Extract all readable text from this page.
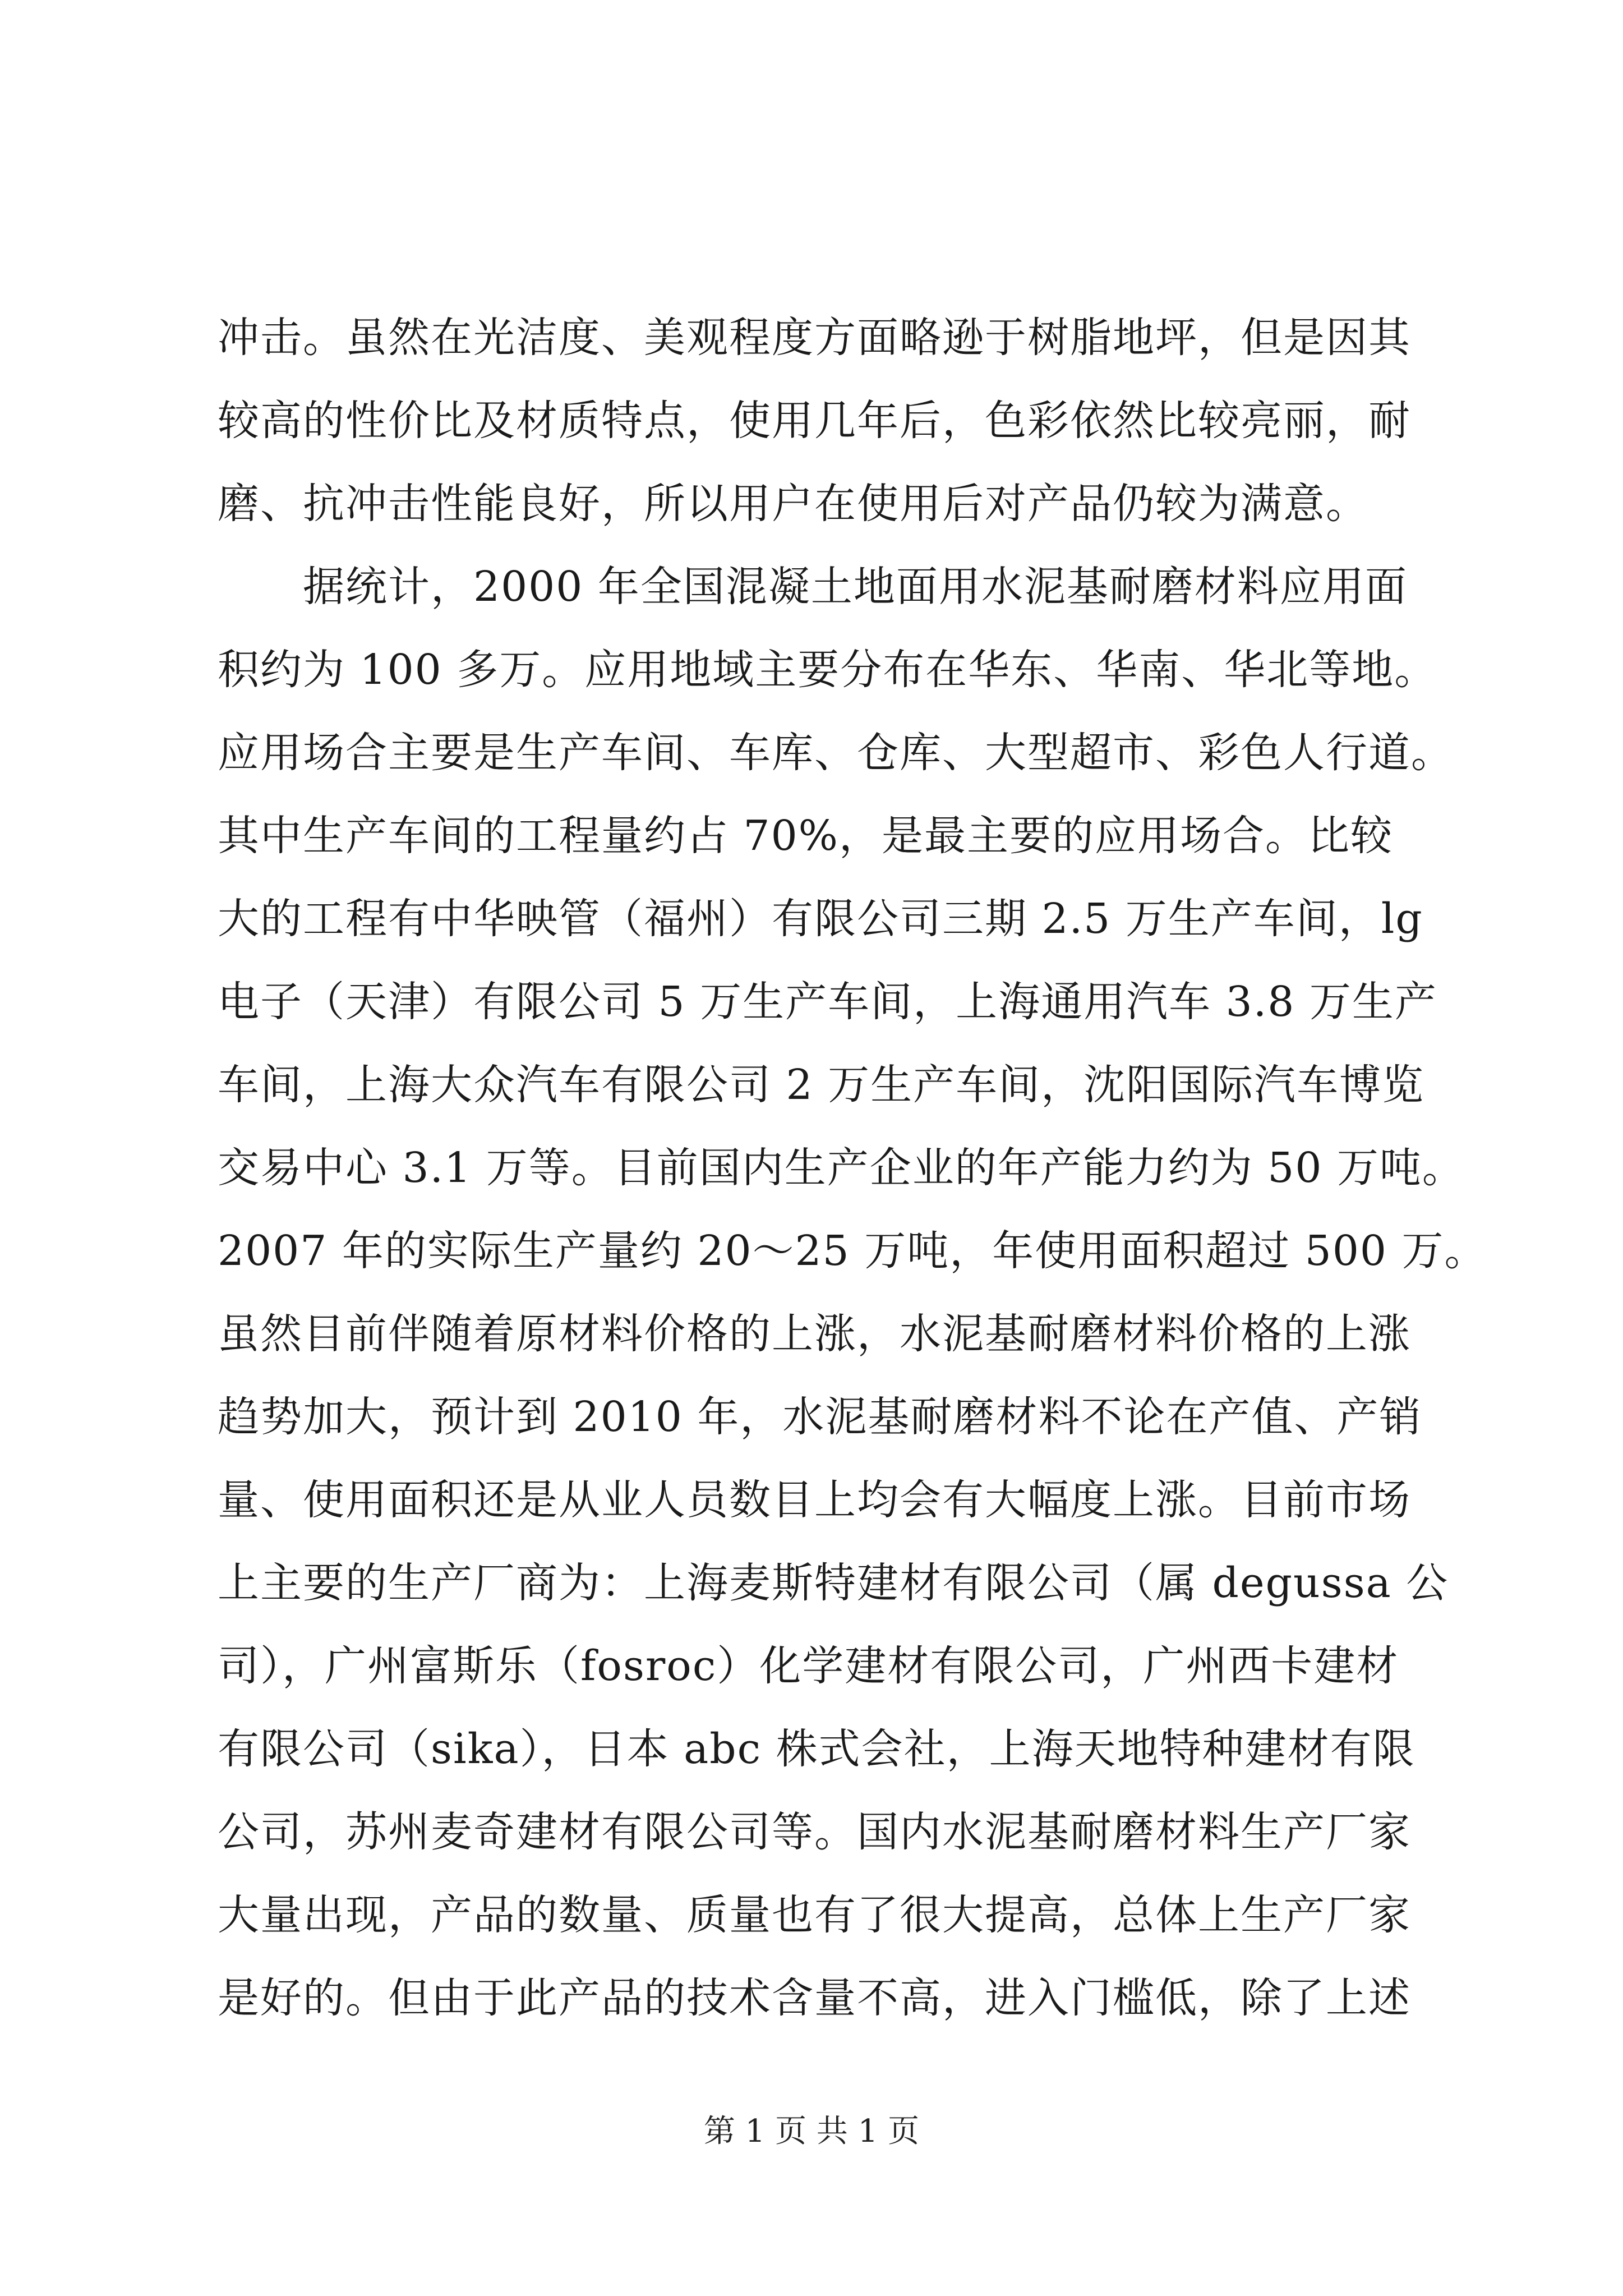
冲击。虽然在光洁度、美观程度方面略逊于树脂地坪，但是因其
较高的性价比及材质特点，使用几年后，色彩依然比较亮丽，耐
磨、抗冲击性能良好，所以用户在使用后对产品仍较为满意。
据统计，2000 年全国混凝土地面用水泥基耐磨材料应用面
积约为 100 多万。应用地域主要分布在华东、华南、华北等地。
应用场合主要是生产车间、车库、仓库、大型超市、彩色人行道。
其中生产车间的工程量约占 70%，是最主要的应用场合。比较
大的工程有中华映管（福州）有限公司三期 2.5 万生产车间，lg
电子（天津）有限公司 5 万生产车间，上海通用汽车 3.8 万生产
车间，上海大众汽车有限公司 2 万生产车间，沈阳国际汽车博览
交易中心 3.1 万等。目前国内生产企业的年产能力约为 50 万吨。
2007 年的实际生产量约 20～25 万吨，年使用面积超过 500 万。
虽然目前伴随着原材料价格的上涨，水泥基耐磨材料价格的上涨
趋势加大，预计到 2010 年，水泥基耐磨材料不论在产值、产销
量、使用面积还是从业人员数目上均会有大幅度上涨。目前市场
上主要的生产厂商为：上海麦斯特建材有限公司（属 degussa 公
司），广州富斯乐（fosroc）化学建材有限公司，广州西卡建材
有限公司（sika），日本 abc 株式会社，上海天地特种建材有限
公司，苏州麦奇建材有限公司等。国内水泥基耐磨材料生产厂家
大量出现，产品的数量、质量也有了很大提高，总体上生产厂家
是好的。但由于此产品的技术含量不高，进入门槛低，除了上述
第 1 页 共 1 页
